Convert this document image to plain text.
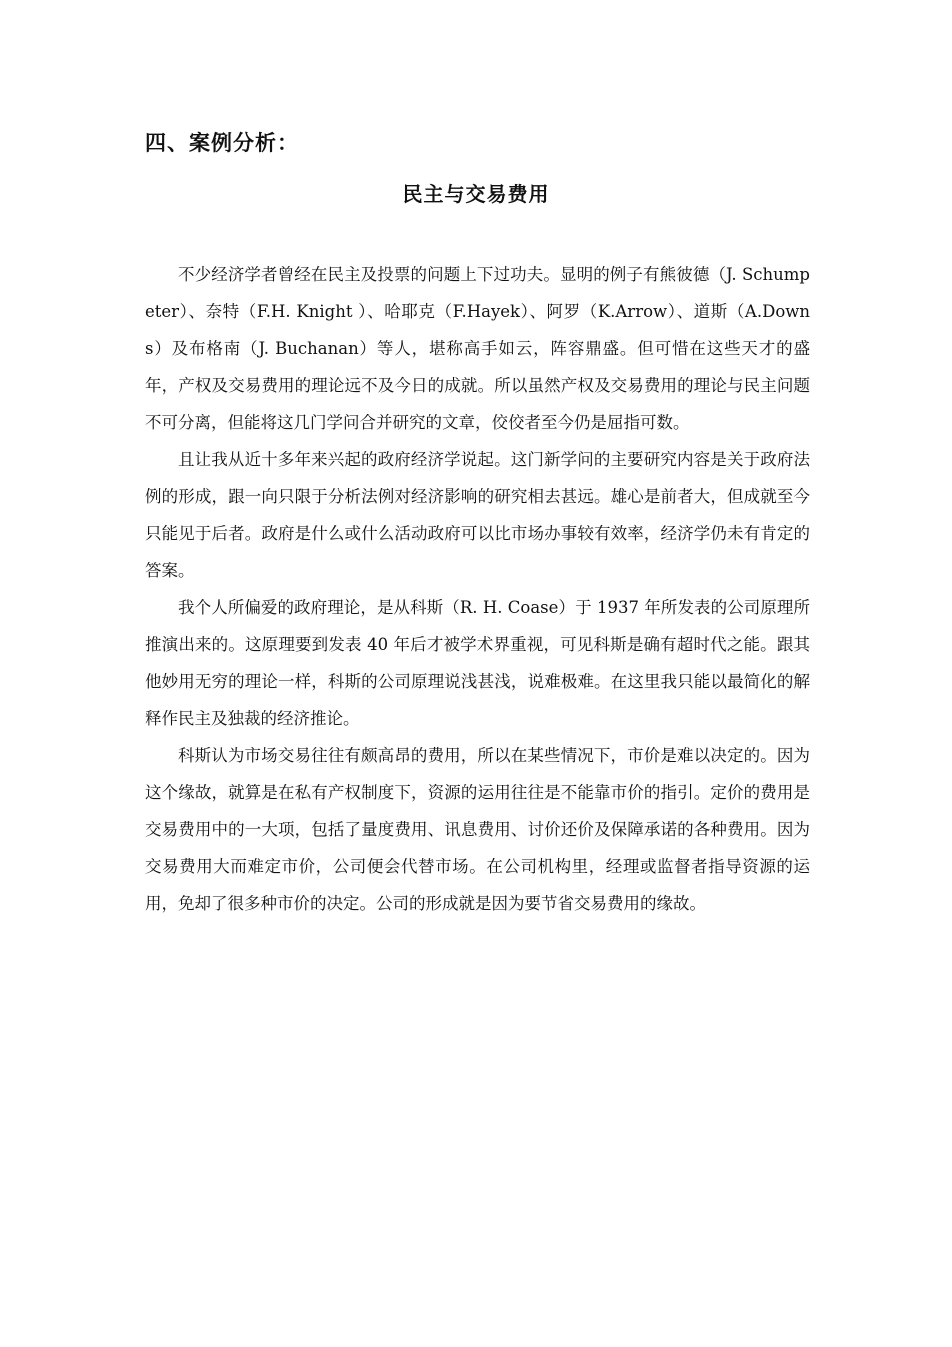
四、案例分析：
民主与交易费用

不少经济学者曾经在民主及投票的问题上下过功夫。显明的例子有熊彼德（J. Schumpeter）、奈特（F.H. Knight ）、哈耶克（F.Hayek）、阿罗（K.Arrow）、道斯（A.Downs）及布格南（J. Buchanan）等人，堪称高手如云，阵容鼎盛。但可惜在这些天才的盛年，产权及交易费用的理论远不及今日的成就。所以虽然产权及交易费用的理论与民主问题不可分离，但能将这几门学问合并研究的文章，佼佼者至今仍是屈指可数。

且让我从近十多年来兴起的政府经济学说起。这门新学问的主要研究内容是关于政府法例的形成，跟一向只限于分析法例对经济影响的研究相去甚远。雄心是前者大，但成就至今只能见于后者。政府是什么或什么活动政府可以比市场办事较有效率，经济学仍未有肯定的答案。

我个人所偏爱的政府理论，是从科斯（R. H. Coase）于 1937 年所发表的公司原理所推演出来的。这原理要到发表 40 年后才被学术界重视，可见科斯是确有超时代之能。跟其他妙用无穷的理论一样，科斯的公司原理说浅甚浅，说难极难。在这里我只能以最简化的解释作民主及独裁的经济推论。

科斯认为市场交易往往有颇高昂的费用，所以在某些情况下，市价是难以决定的。因为这个缘故，就算是在私有产权制度下，资源的运用往往是不能靠市价的指引。定价的费用是交易费用中的一大项，包括了量度费用、讯息费用、讨价还价及保障承诺的各种费用。因为交易费用大而难定市价，公司便会代替市场。在公司机构里，经理或监督者指导资源的运用，免却了很多种市价的决定。公司的形成就是因为要节省交易费用的缘故。
